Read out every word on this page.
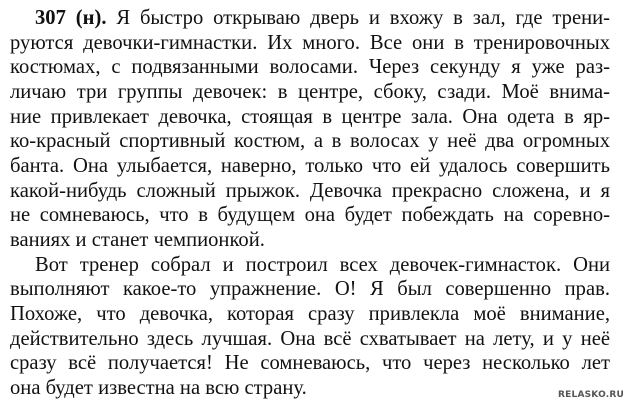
307 (н). Я быстро открываю дверь и вхожу в зал, где трени-
руются девочки-гимнастки. Их много. Все они в тренировочных
костюмах, с подвязанными волосами. Через секунду я уже раз-
личаю три группы девочек: в центре, сбоку, сзади. Моё внима-
ние привлекает девочка, стоящая в центре зала. Она одета в яр-
ко-красный спортивный костюм, а в волосах у неё два огромных
банта. Она улыбается, наверно, только что ей удалось совершить
какой-нибудь сложный прыжок. Девочка прекрасно сложена, и я
не сомневаюсь, что в будущем она будет побеждать на соревно-
ваниях и станет чемпионкой.
Вот тренер собрал и построил всех девочек-гимнасток. Они
выполняют какое-то упражнение. О! Я был совершенно прав.
Похоже, что девочка, которая сразу привлекла моё внимание,
действительно здесь лучшая. Она всё схватывает на лету, и у неё
сразу всё получается! Не сомневаюсь, что через несколько лет
она будет известна на всю страну.	RELASKO.RU
